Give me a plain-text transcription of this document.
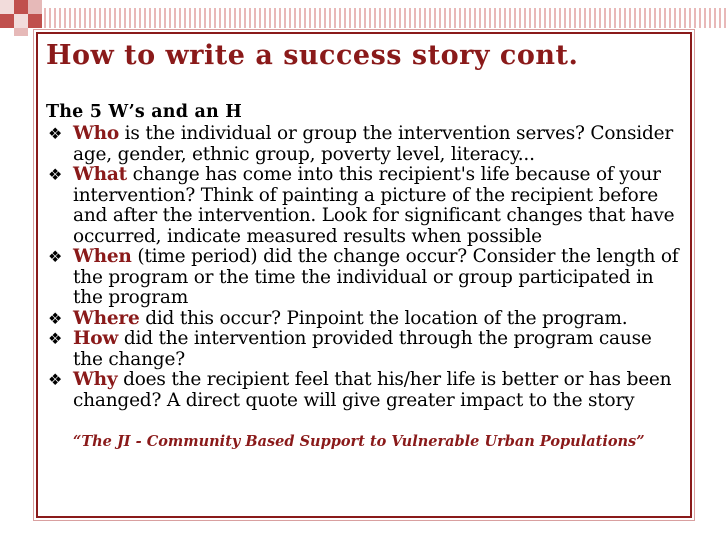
How to write a success story cont.

The 5 W’s and an H

❖ Who is the individual or group the intervention serves? Consider age, gender, ethnic group, poverty level, literacy...
❖ What change has come into this recipient's life because of your intervention? Think of painting a picture of the recipient before and after the intervention. Look for significant changes that have occurred, indicate measured results when possible
❖ When (time period) did the change occur? Consider the length of the program or the time the individual or group participated in the program
❖ Where did this occur? Pinpoint the location of the program.
❖ How did the intervention provided through the program cause the change?
❖ Why does the recipient feel that his/her life is better or has been changed? A direct quote will give greater impact to the story
“The JI - Community Based Support to Vulnerable Urban Populations”
